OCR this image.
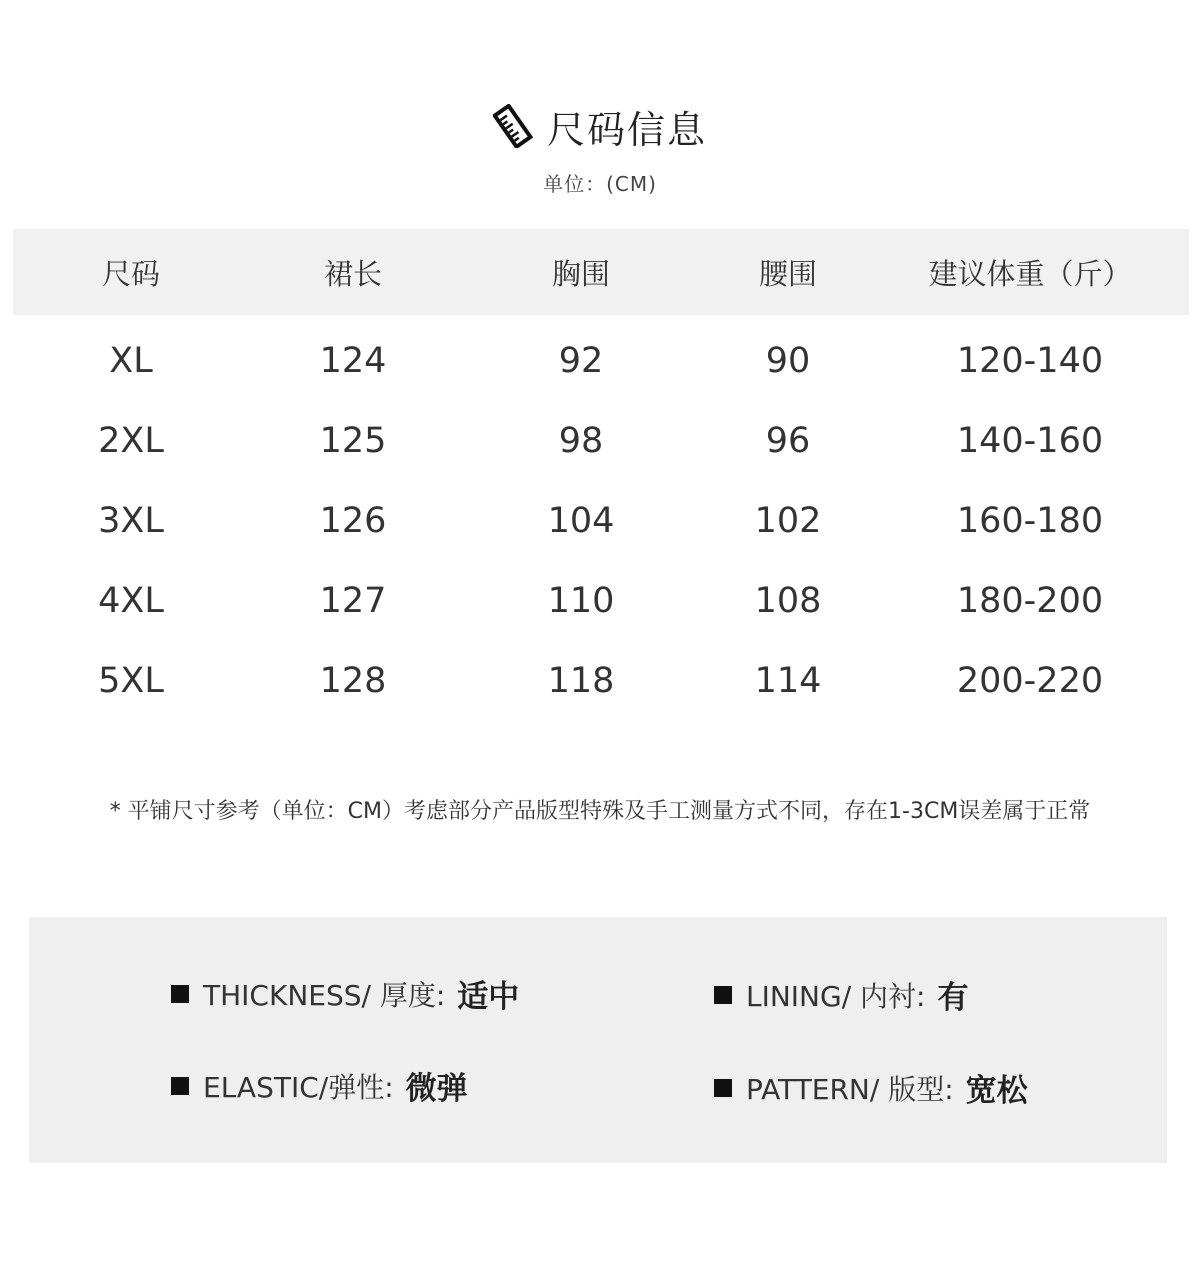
尺码信息
单位：(CM)
尺码	裙长	胸围	腰围	建议体重（斤）
XL	124	92	90	120-140
2XL	125	98	96	140-160
3XL	126	104	102	160-180
4XL	127	110	108	180-200
5XL	128	118	114	200-220
* 平铺尺寸参考（单位：CM）考虑部分产品版型特殊及手工测量方式不同，存在1-3CM误差属于正常
THICKNESS/ 厚度: 适中	LINING/ 内衬: 有
ELASTIC/弹性: 微弹	PATTERN/ 版型: 宽松
